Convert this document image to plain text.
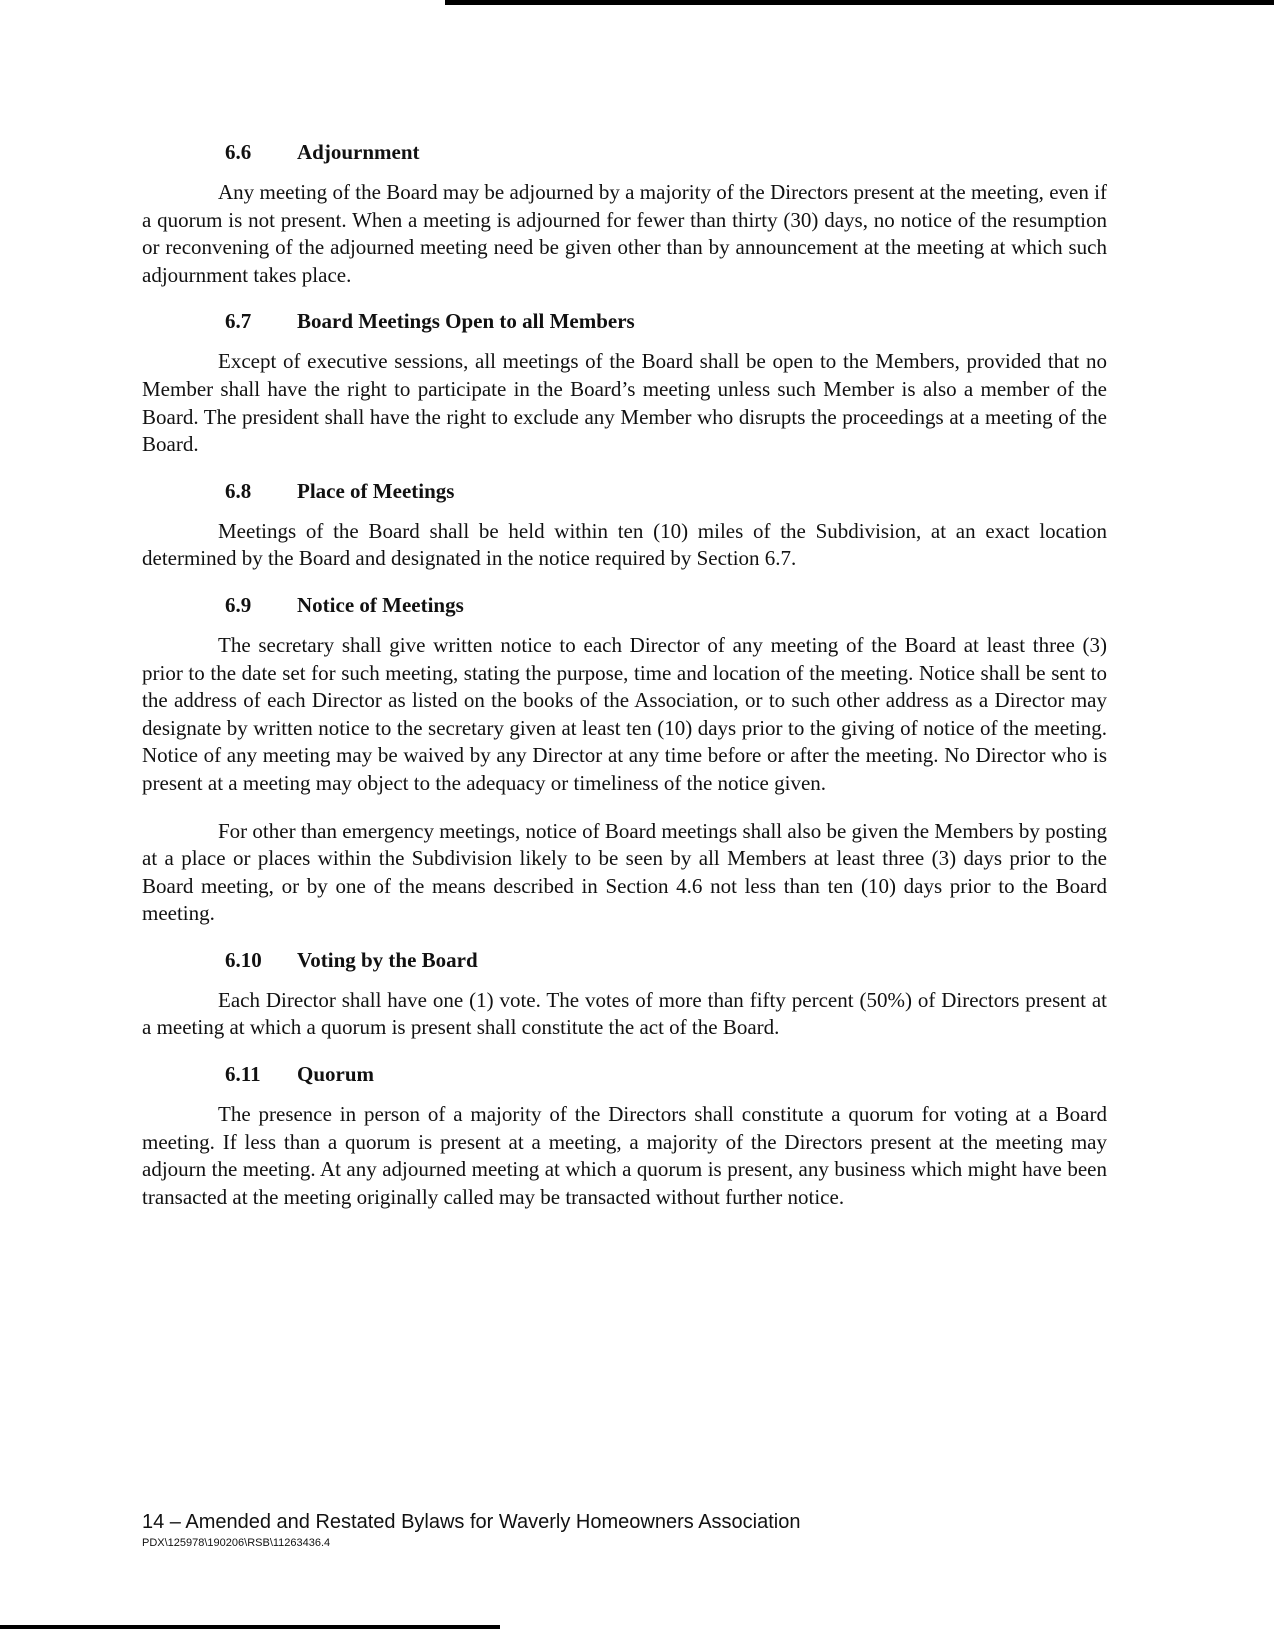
6.6 Adjournment

Any meeting of the Board may be adjourned by a majority of the Directors present at the meeting, even if a quorum is not present. When a meeting is adjourned for fewer than thirty (30) days, no notice of the resumption or reconvening of the adjourned meeting need be given other than by announcement at the meeting at which such adjournment takes place.

6.7 Board Meetings Open to all Members

Except of executive sessions, all meetings of the Board shall be open to the Members, provided that no Member shall have the right to participate in the Board’s meeting unless such Member is also a member of the Board. The president shall have the right to exclude any Member who disrupts the proceedings at a meeting of the Board.

6.8 Place of Meetings

Meetings of the Board shall be held within ten (10) miles of the Subdivision, at an exact location determined by the Board and designated in the notice required by Section 6.7.

6.9 Notice of Meetings

The secretary shall give written notice to each Director of any meeting of the Board at least three (3) prior to the date set for such meeting, stating the purpose, time and location of the meeting. Notice shall be sent to the address of each Director as listed on the books of the Association, or to such other address as a Director may designate by written notice to the secretary given at least ten (10) days prior to the giving of notice of the meeting. Notice of any meeting may be waived by any Director at any time before or after the meeting. No Director who is present at a meeting may object to the adequacy or timeliness of the notice given.

For other than emergency meetings, notice of Board meetings shall also be given the Members by posting at a place or places within the Subdivision likely to be seen by all Members at least three (3) days prior to the Board meeting, or by one of the means described in Section 4.6 not less than ten (10) days prior to the Board meeting.

6.10 Voting by the Board

Each Director shall have one (1) vote. The votes of more than fifty percent (50%) of Directors present at a meeting at which a quorum is present shall constitute the act of the Board.

6.11 Quorum

The presence in person of a majority of the Directors shall constitute a quorum for voting at a Board meeting. If less than a quorum is present at a meeting, a majority of the Directors present at the meeting may adjourn the meeting. At any adjourned meeting at which a quorum is present, any business which might have been transacted at the meeting originally called may be transacted without further notice.

14 – Amended and Restated Bylaws for Waverly Homeowners Association

PDX\125978\190206\RSB\11263436.4
